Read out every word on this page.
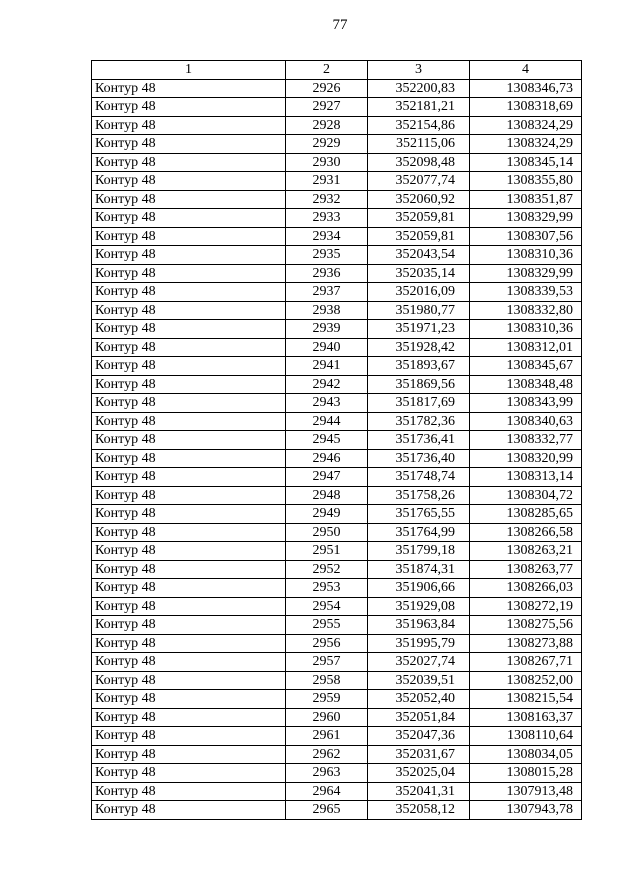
77
1	2	3	4
Контур 48	2926	352200,83	1308346,73
Контур 48	2927	352181,21	1308318,69
Контур 48	2928	352154,86	1308324,29
Контур 48	2929	352115,06	1308324,29
Контур 48	2930	352098,48	1308345,14
Контур 48	2931	352077,74	1308355,80
Контур 48	2932	352060,92	1308351,87
Контур 48	2933	352059,81	1308329,99
Контур 48	2934	352059,81	1308307,56
Контур 48	2935	352043,54	1308310,36
Контур 48	2936	352035,14	1308329,99
Контур 48	2937	352016,09	1308339,53
Контур 48	2938	351980,77	1308332,80
Контур 48	2939	351971,23	1308310,36
Контур 48	2940	351928,42	1308312,01
Контур 48	2941	351893,67	1308345,67
Контур 48	2942	351869,56	1308348,48
Контур 48	2943	351817,69	1308343,99
Контур 48	2944	351782,36	1308340,63
Контур 48	2945	351736,41	1308332,77
Контур 48	2946	351736,40	1308320,99
Контур 48	2947	351748,74	1308313,14
Контур 48	2948	351758,26	1308304,72
Контур 48	2949	351765,55	1308285,65
Контур 48	2950	351764,99	1308266,58
Контур 48	2951	351799,18	1308263,21
Контур 48	2952	351874,31	1308263,77
Контур 48	2953	351906,66	1308266,03
Контур 48	2954	351929,08	1308272,19
Контур 48	2955	351963,84	1308275,56
Контур 48	2956	351995,79	1308273,88
Контур 48	2957	352027,74	1308267,71
Контур 48	2958	352039,51	1308252,00
Контур 48	2959	352052,40	1308215,54
Контур 48	2960	352051,84	1308163,37
Контур 48	2961	352047,36	1308110,64
Контур 48	2962	352031,67	1308034,05
Контур 48	2963	352025,04	1308015,28
Контур 48	2964	352041,31	1307913,48
Контур 48	2965	352058,12	1307943,78
